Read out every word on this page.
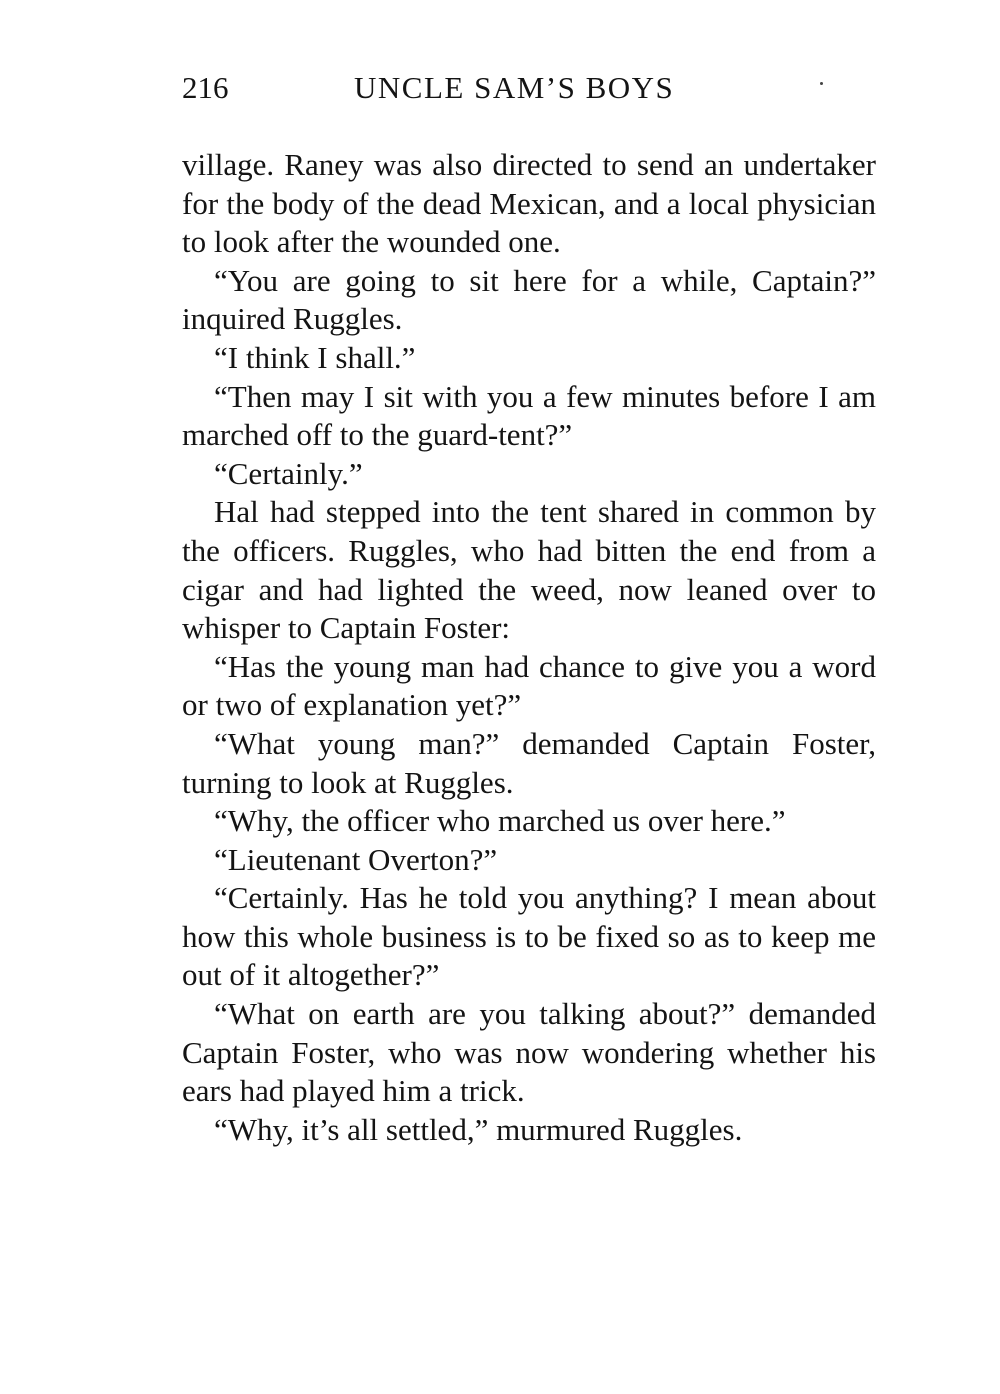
216	UNCLE SAM’S BOYS

village. Raney was also directed to send an undertaker for the body of the dead Mexican, and a local physician to look after the wounded one.

“You are going to sit here for a while, Captain?” inquired Ruggles.

“I think I shall.”

“Then may I sit with you a few minutes before I am marched off to the guard-tent?”

“Certainly.”

Hal had stepped into the tent shared in common by the officers. Ruggles, who had bitten the end from a cigar and had lighted the weed, now leaned over to whisper to Captain Foster:

“Has the young man had chance to give you a word or two of explanation yet?”

“What young man?” demanded Captain Foster, turning to look at Ruggles.

“Why, the officer who marched us over here.”

“Lieutenant Overton?”

“Certainly. Has he told you anything? I mean about how this whole business is to be fixed so as to keep me out of it altogether?”

“What on earth are you talking about?” demanded Captain Foster, who was now wondering whether his ears had played him a trick.

“Why, it’s all settled,” murmured Ruggles.
